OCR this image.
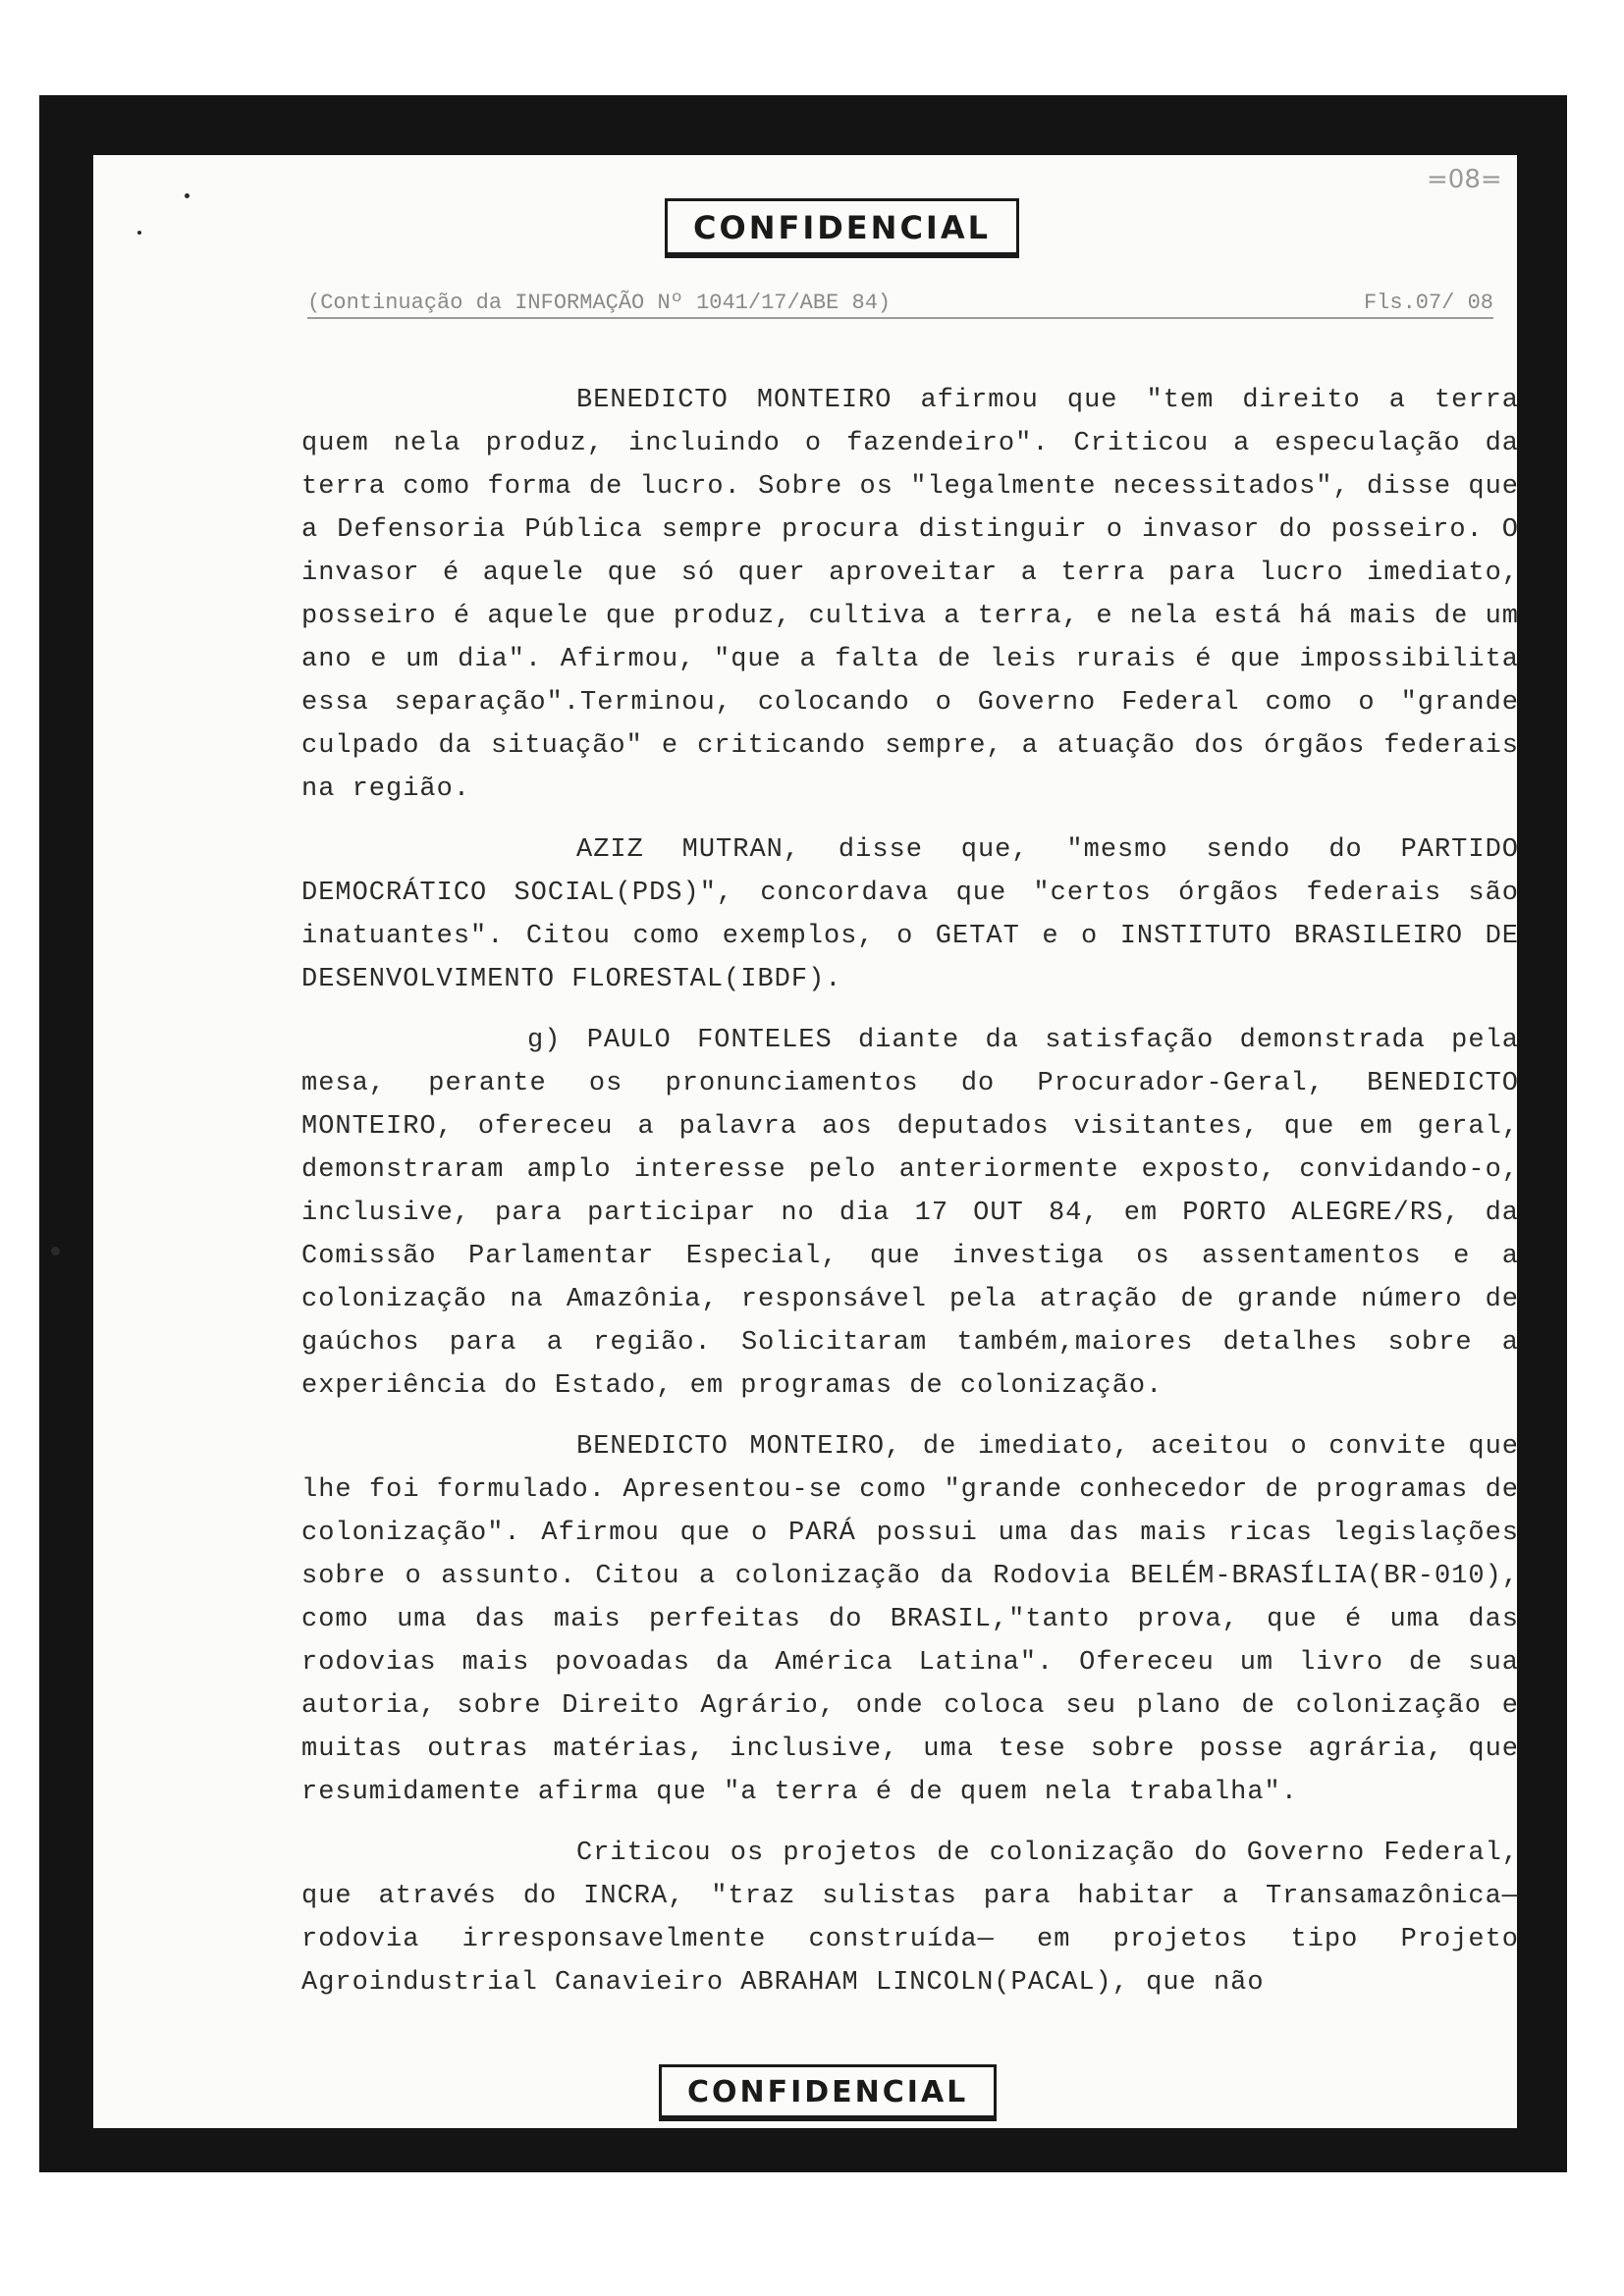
=08=
CONFIDENCIAL
(Continuação da INFORMAÇÃO Nº 1041/17/ABE 84)	Fls.07/ 08

BENEDICTO MONTEIRO afirmou que "tem direito a terra quem nela produz, incluindo o fazendeiro". Criticou a especulação da terra como forma de lucro. Sobre os "legalmente necessitados", disse que a Defensoria Pública sempre procura distinguir o invasor do posseiro. O invasor é aquele que só quer aproveitar a terra para lucro imediato, posseiro é aquele que produz, cultiva a terra, e nela está há mais de um ano e um dia". Afirmou, "que a falta de leis rurais é que impossibilita essa separação".Terminou, colocando o Governo Federal como o "grande culpado da situação" e criticando sempre, a atuação dos órgãos federais na região.

AZIZ MUTRAN, disse que, "mesmo sendo do PARTIDO DEMOCRÁTICO SOCIAL(PDS)", concordava que "certos órgãos federais são inatuantes". Citou como exemplos, o GETAT e o INSTITUTO BRASILEIRO DE DESENVOLVIMENTO FLORESTAL(IBDF).

g) PAULO FONTELES diante da satisfação demonstrada pela mesa, perante os pronunciamentos do Procurador-Geral, BENEDICTO MONTEIRO, ofereceu a palavra aos deputados visitantes, que em geral, demonstraram amplo interesse pelo anteriormente exposto, convidando-o, inclusive, para participar no dia 17 OUT 84, em PORTO ALEGRE/RS, da Comissão Parlamentar Especial, que investiga os assentamentos e a colonização na Amazônia, responsável pela atração de grande número de gaúchos para a região. Solicitaram também,maiores detalhes sobre a experiência do Estado, em programas de colonização.

BENEDICTO MONTEIRO, de imediato, aceitou o convite que lhe foi formulado. Apresentou-se como "grande conhecedor de programas de colonização". Afirmou que o PARÁ possui uma das mais ricas legislações sobre o assunto. Citou a colonização da Rodovia BELÉM-BRASÍLIA(BR-010), como uma das mais perfeitas do BRASIL,"tanto prova, que é uma das rodovias mais povoadas da América Latina". Ofereceu um livro de sua autoria, sobre Direito Agrário, onde coloca seu plano de colonização e muitas outras matérias, inclusive, uma tese sobre posse agrária, que resumidamente afirma que "a terra é de quem nela trabalha".

Criticou os projetos de colonização do Governo Federal, que através do INCRA, "traz sulistas para habitar a Transamazônica— rodovia irresponsavelmente construída— em projetos tipo Projeto Agroindustrial Canavieiro ABRAHAM LINCOLN(PACAL), que não

CONFIDENCIAL
